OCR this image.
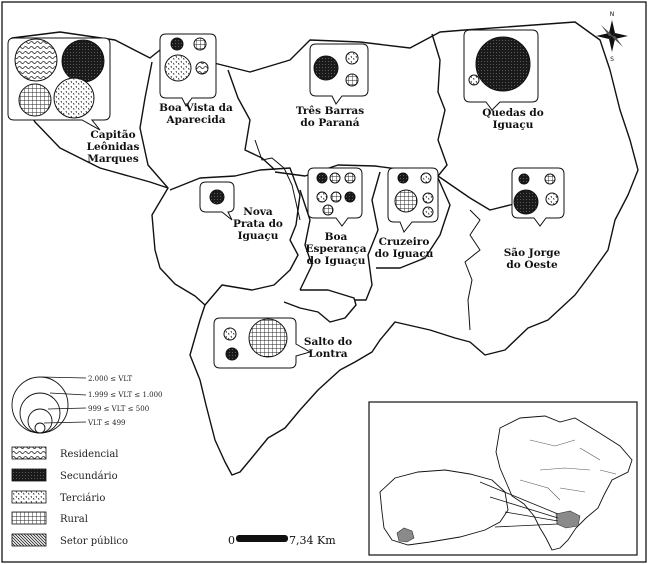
N
S
Capitão Leônidas Marques
Boa Vista da Aparecida
Três Barras do Paraná
Quedas do Iguaçu
Nova Prata do Iguaçu	Boa Esperança do Iguaçu
Cruzeiro do Iguaçu	São Jorge do Oeste
Salto do Lontra
2.000 ≤ VLT
1.999 ≤ VLT ≤ 1.000
999 ≤ VLT ≤ 500
VLT ≤ 499
Residencial
Secundário
Terciário
Rural
Setor público	0	7,34 Km
